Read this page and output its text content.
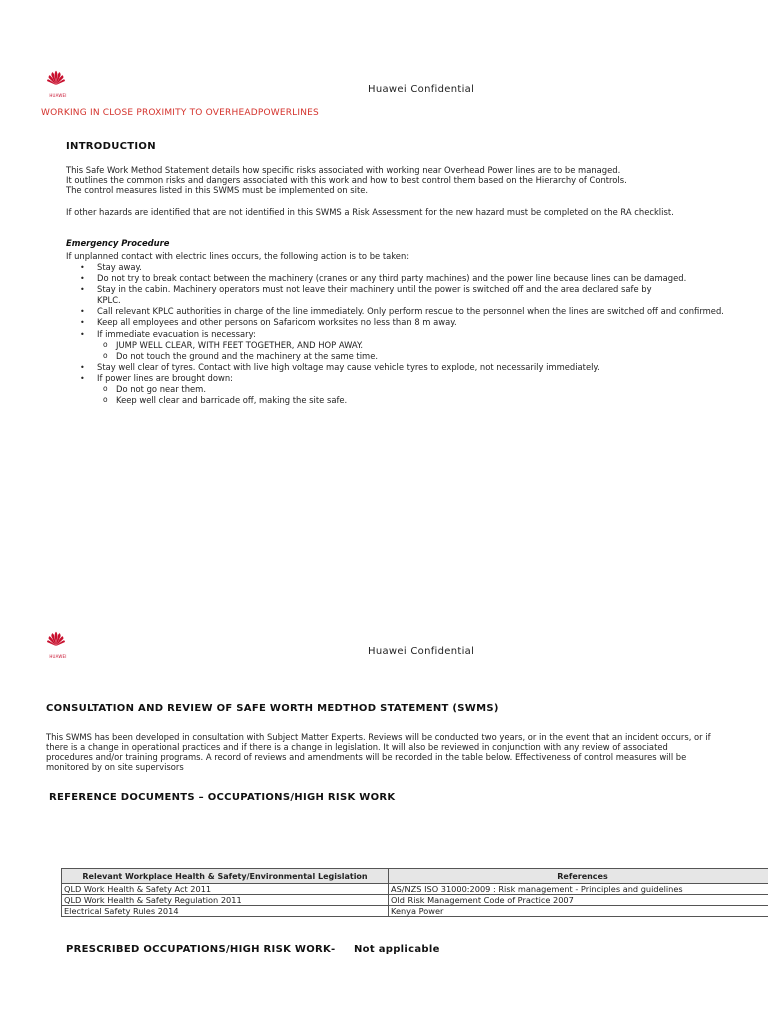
HUAWEI
Huawei Confidential
WORKING IN CLOSE PROXIMITY TO OVERHEADPOWERLINES
INTRODUCTION
This Safe Work Method Statement details how specific risks associated with working near Overhead Power lines are to be managed.
It outlines the common risks and dangers associated with this work and how to best control them based on the Hierarchy of Controls.
The control measures listed in this SWMS must be implemented on site.
If other hazards are identified that are not identified in this SWMS a Risk Assessment for the new hazard must be completed on the RA checklist.
Emergency Procedure
If unplanned contact with electric lines occurs, the following action is to be taken:
• Stay away.
• Do not try to break contact between the machinery (cranes or any third party machines) and the power line because lines can be damaged.
• Stay in the cabin. Machinery operators must not leave their machinery until the power is switched off and the area declared safe by
KPLC.
• Call relevant KPLC authorities in charge of the line immediately. Only perform rescue to the personnel when the lines are switched off and confirmed.
• Keep all employees and other persons on Safaricom worksites no less than 8 m away.
• If immediate evacuation is necessary:
o JUMP WELL CLEAR, WITH FEET TOGETHER, AND HOP AWAY.
o Do not touch the ground and the machinery at the same time.
• Stay well clear of tyres. Contact with live high voltage may cause vehicle tyres to explode, not necessarily immediately.
• If power lines are brought down:
o Do not go near them.
o Keep well clear and barricade off, making the site safe.
HUAWEI	Huawei Confidential
CONSULTATION AND REVIEW OF SAFE WORTH MEDTHOD STATEMENT (SWMS)
This SWMS has been developed in consultation with Subject Matter Experts. Reviews will be conducted two years, or in the event that an incident occurs, or if
there is a change in operational practices and if there is a change in legislation. It will also be reviewed in conjunction with any review of associated
procedures and/or training programs. A record of reviews and amendments will be recorded in the table below. Effectiveness of control measures will be
monitored by on site supervisors
REFERENCE DOCUMENTS – OCCUPATIONS/HIGH RISK WORK
Relevant Workplace Health & Safety/Environmental Legislation	References
QLD Work Health & Safety Act 2011	AS/NZS ISO 31000:2009 : Risk management - Principles and guidelines
QLD Work Health & Safety Regulation 2011	Old Risk Management Code of Practice 2007
Electrical Safety Rules 2014	Kenya Power
PRESCRIBED OCCUPATIONS/HIGH RISK WORK - Not applicable
